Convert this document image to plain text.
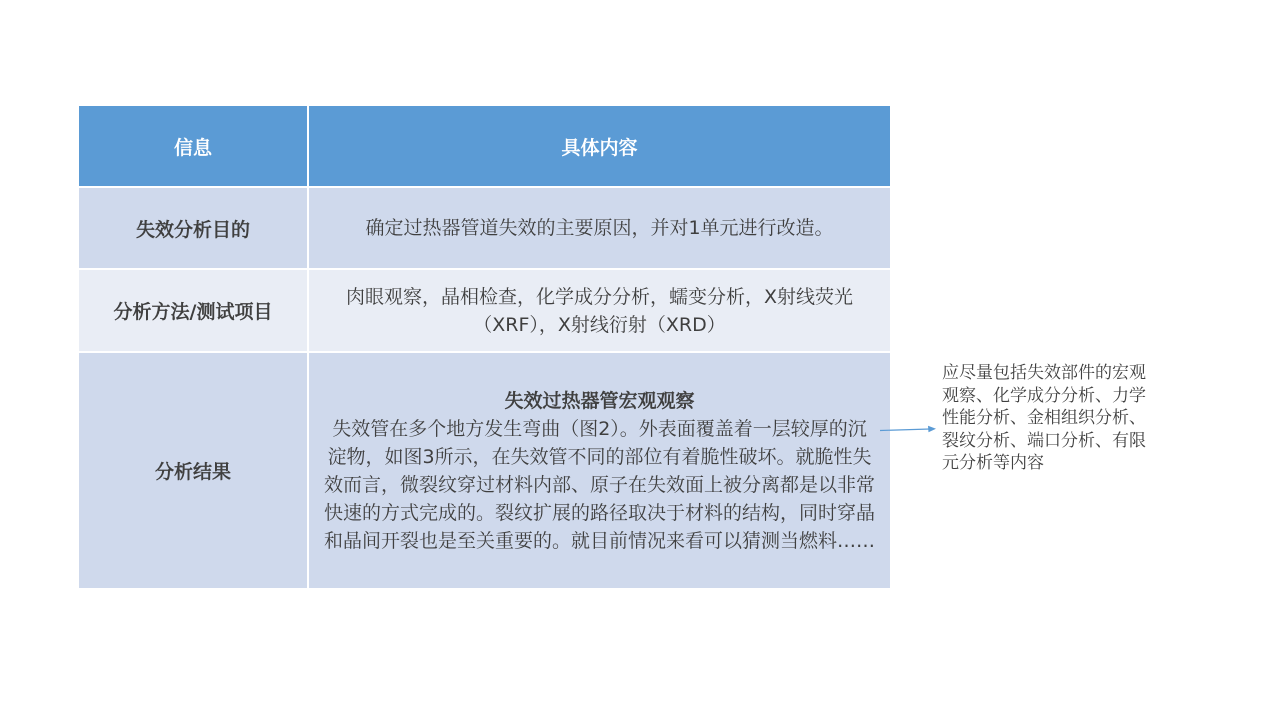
信息	具体内容
失效分析目的	确定过热器管道失效的主要原因，并对1单元进行改造。
分析方法/测试项目	肉眼观察，晶相检查，化学成分分析，蠕变分析，X射线荧光（XRF），X射线衍射（XRD）
分析结果	失效过热器管宏观观察
失效管在多个地方发生弯曲（图2）。外表面覆盖着一层较厚的沉淀物，如图3所示，在失效管不同的部位有着脆性破坏。就脆性失效而言，微裂纹穿过材料内部、原子在失效面上被分离都是以非常快速的方式完成的。裂纹扩展的路径取决于材料的结构，同时穿晶和晶间开裂也是至关重要的。就目前情况来看可以猜测当燃料……
应尽量包括失效部件的宏观观察、化学成分分析、力学性能分析、金相组织分析、裂纹分析、端口分析、有限元分析等内容
